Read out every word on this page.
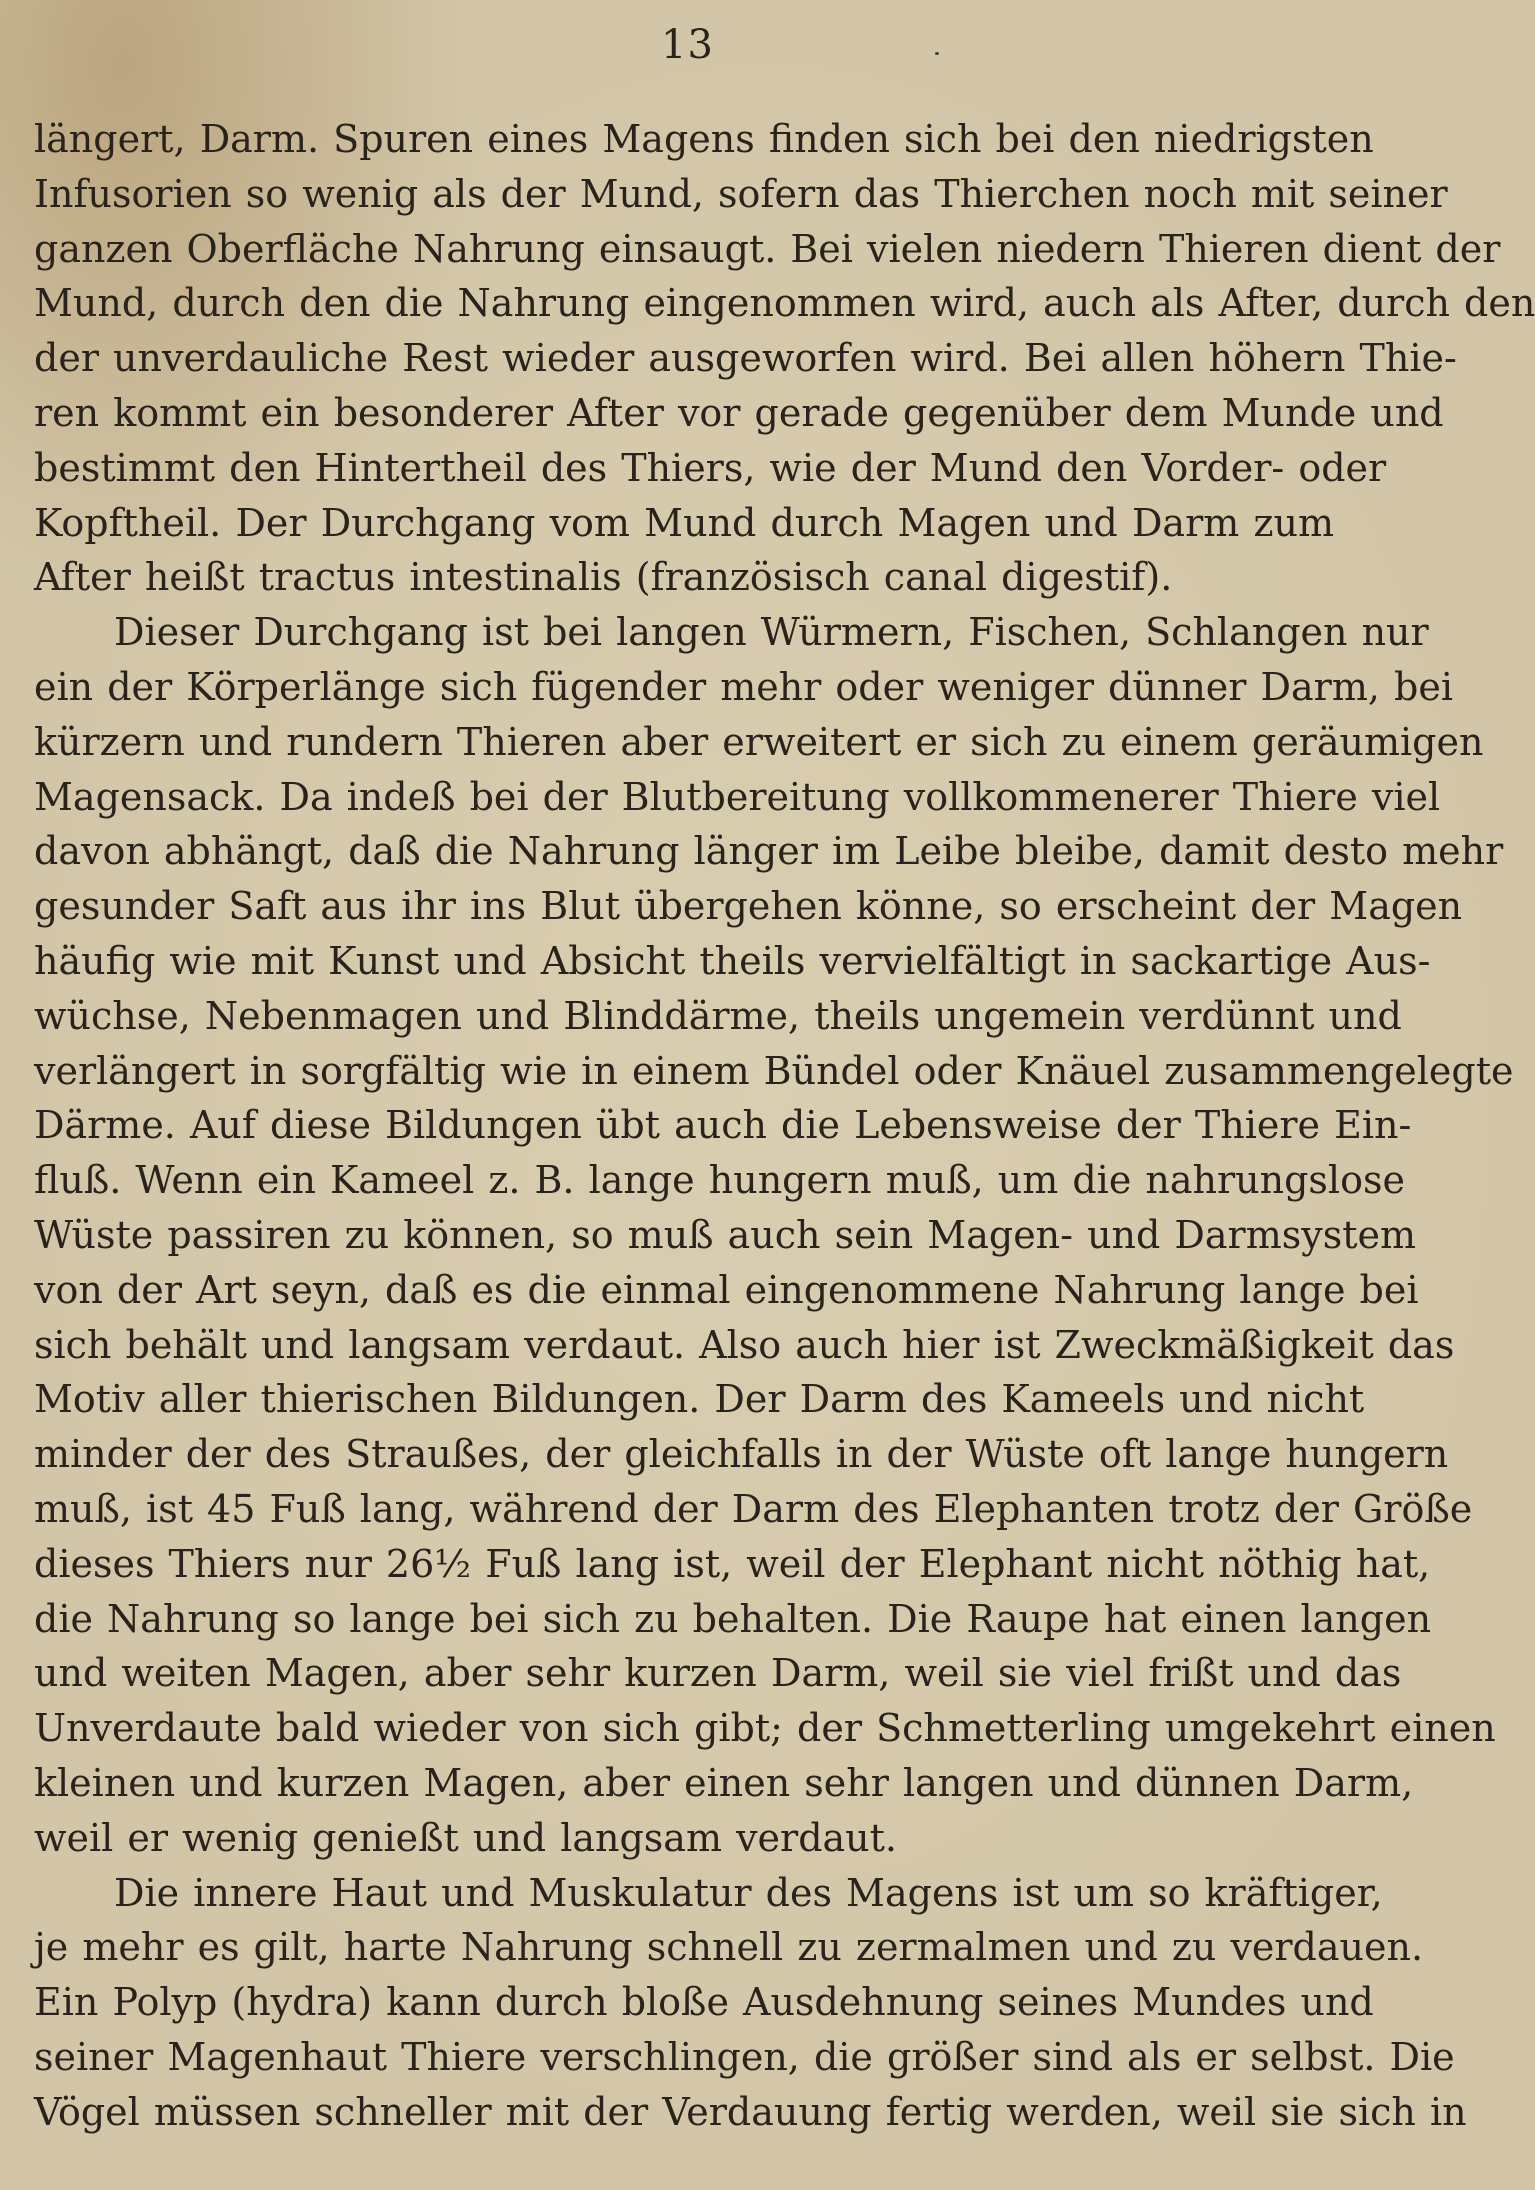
13
längert, Darm. Spuren eines Magens finden sich bei den niedrigsten
Infusorien so wenig als der Mund, sofern das Thierchen noch mit seiner
ganzen Oberfläche Nahrung einsaugt. Bei vielen niedern Thieren dient der
Mund, durch den die Nahrung eingenommen wird, auch als After, durch den
der unverdauliche Rest wieder ausgeworfen wird. Bei allen höhern Thie-
ren kommt ein besonderer After vor gerade gegenüber dem Munde und
bestimmt den Hintertheil des Thiers, wie der Mund den Vorder- oder
Kopftheil. Der Durchgang vom Mund durch Magen und Darm zum
After heißt tractus intestinalis (französisch canal digestif).
Dieser Durchgang ist bei langen Würmern, Fischen, Schlangen nur
ein der Körperlänge sich fügender mehr oder weniger dünner Darm, bei
kürzern und rundern Thieren aber erweitert er sich zu einem geräumigen
Magensack. Da indeß bei der Blutbereitung vollkommenerer Thiere viel
davon abhängt, daß die Nahrung länger im Leibe bleibe, damit desto mehr
gesunder Saft aus ihr ins Blut übergehen könne, so erscheint der Magen
häufig wie mit Kunst und Absicht theils vervielfältigt in sackartige Aus-
wüchse, Nebenmagen und Blinddärme, theils ungemein verdünnt und
verlängert in sorgfältig wie in einem Bündel oder Knäuel zusammengelegte
Därme. Auf diese Bildungen übt auch die Lebensweise der Thiere Ein-
fluß. Wenn ein Kameel z. B. lange hungern muß, um die nahrungslose
Wüste passiren zu können, so muß auch sein Magen- und Darmsystem
von der Art seyn, daß es die einmal eingenommene Nahrung lange bei
sich behält und langsam verdaut. Also auch hier ist Zweckmäßigkeit das
Motiv aller thierischen Bildungen. Der Darm des Kameels und nicht
minder der des Straußes, der gleichfalls in der Wüste oft lange hungern
muß, ist 45 Fuß lang, während der Darm des Elephanten trotz der Größe
dieses Thiers nur 26½ Fuß lang ist, weil der Elephant nicht nöthig hat,
die Nahrung so lange bei sich zu behalten. Die Raupe hat einen langen
und weiten Magen, aber sehr kurzen Darm, weil sie viel frißt und das
Unverdaute bald wieder von sich gibt; der Schmetterling umgekehrt einen
kleinen und kurzen Magen, aber einen sehr langen und dünnen Darm,
weil er wenig genießt und langsam verdaut.
Die innere Haut und Muskulatur des Magens ist um so kräftiger,
je mehr es gilt, harte Nahrung schnell zu zermalmen und zu verdauen.
Ein Polyp (hydra) kann durch bloße Ausdehnung seines Mundes und
seiner Magenhaut Thiere verschlingen, die größer sind als er selbst. Die
Vögel müssen schneller mit der Verdauung fertig werden, weil sie sich in
